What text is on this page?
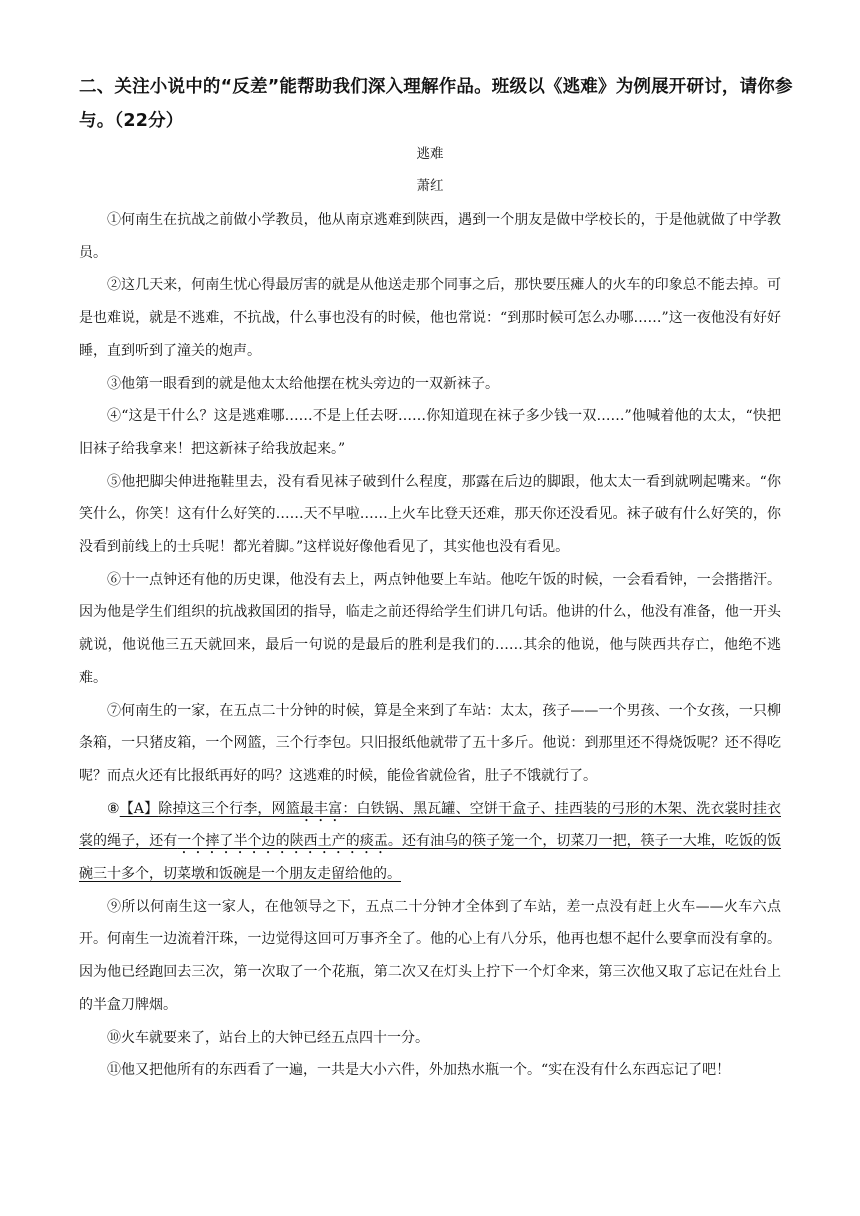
二、关注小说中的“反差”能帮助我们深入理解作品。班级以《逃难》为例展开研讨，请你参与。（22分）
逃难
萧红

①何南生在抗战之前做小学教员，他从南京逃难到陕西，遇到一个朋友是做中学校长的，于是他就做了中学教员。

②这几天来，何南生忧心得最厉害的就是从他送走那个同事之后，那快要压瘫人的火车的印象总不能去掉。可是也难说，就是不逃难，不抗战，什么事也没有的时候，他也常说：“到那时候可怎么办哪……”这一夜他没有好好睡，直到听到了潼关的炮声。

③他第一眼看到的就是他太太给他摆在枕头旁边的一双新袜子。

④“这是干什么？这是逃难哪……不是上任去呀……你知道现在袜子多少钱一双……”他喊着他的太太，“快把旧袜子给我拿来！把这新袜子给我放起来。”

⑤他把脚尖伸进拖鞋里去，没有看见袜子破到什么程度，那露在后边的脚跟，他太太一看到就咧起嘴来。“你笑什么，你笑！这有什么好笑的……天不早啦……上火车比登天还难，那天你还没看见。袜子破有什么好笑的，你没看到前线上的士兵呢！都光着脚。”这样说好像他看见了，其实他也没有看见。

⑥十一点钟还有他的历史课，他没有去上，两点钟他要上车站。他吃午饭的时候，一会看看钟，一会揩揩汗。因为他是学生们组织的抗战救国团的指导，临走之前还得给学生们讲几句话。他讲的什么，他没有准备，他一开头就说，他说他三五天就回来，最后一句说的是最后的胜利是我们的……其余的他说，他与陕西共存亡，他绝不逃难。

⑦何南生的一家，在五点二十分钟的时候，算是全来到了车站：太太，孩子——一个男孩、一个女孩，一只柳条箱，一只猪皮箱，一个网篮，三个行李包。只旧报纸他就带了五十多斤。他说：到那里还不得烧饭呢？还不得吃呢？而点火还有比报纸再好的吗？这逃难的时候，能俭省就俭省，肚子不饿就行了。

⑧【A】除掉这三个行李，网篮最丰富：白铁锅、黑瓦罐、空饼干盒子、挂西装的弓形的木架、洗衣裳时挂衣裳的绳子，还有一个摔了半个边的陕西土产的痰盂。还有油乌的筷子笼一个，切菜刀一把，筷子一大堆，吃饭的饭碗三十多个，切菜墩和饭碗是一个朋友走留给他的。

⑨所以何南生这一家人，在他领导之下，五点二十分钟才全体到了车站，差一点没有赶上火车——火车六点开。何南生一边流着汗珠，一边觉得这回可万事齐全了。他的心上有八分乐，他再也想不起什么要拿而没有拿的。因为他已经跑回去三次，第一次取了一个花瓶，第二次又在灯头上拧下一个灯伞来，第三次他又取了忘记在灶台上的半盒刀牌烟。

⑩火车就要来了，站台上的大钟已经五点四十一分。

⑪他又把他所有的东西看了一遍，一共是大小六件，外加热水瓶一个。“实在没有什么东西忘记了吧！
